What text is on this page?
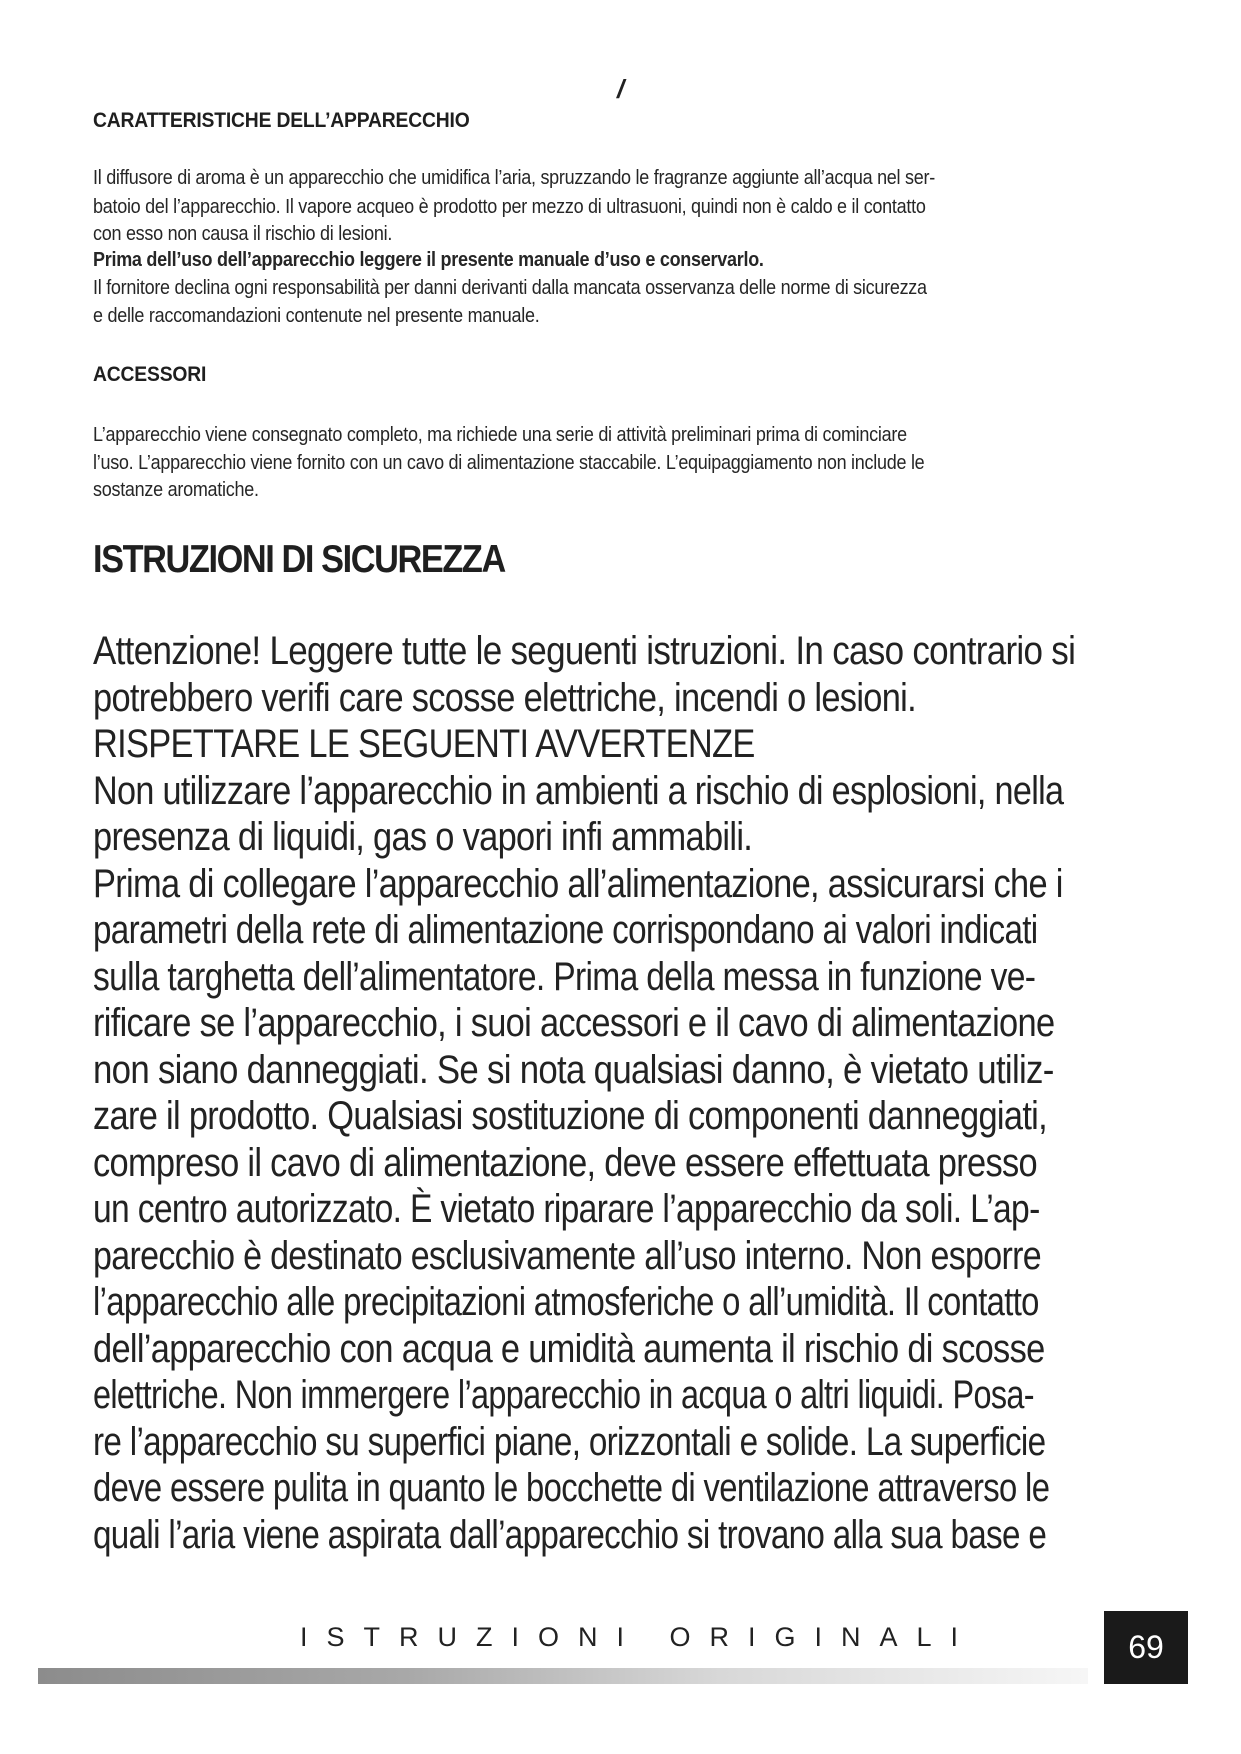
/
CARATTERISTICHE DELL’APPARECCHIO

Il diffusore di aroma è un apparecchio che umidifica l’aria, spruzzando le fragranze aggiunte all’acqua nel ser-

batoio del l’apparecchio. Il vapore acqueo è prodotto per mezzo di ultrasuoni, quindi non è caldo e il contatto

con esso non causa il rischio di lesioni.

Prima dell’uso dell’apparecchio leggere il presente manuale d’uso e conservarlo.

Il fornitore declina ogni responsabilità per danni derivanti dalla mancata osservanza delle norme di sicurezza

e delle raccomandazioni contenute nel presente manuale.

ACCESSORI

L’apparecchio viene consegnato completo, ma richiede una serie di attività preliminari prima di cominciare

l’uso. L’apparecchio viene fornito con un cavo di alimentazione staccabile. L’equipaggiamento non include le

sostanze aromatiche.

ISTRUZIONI DI SICUREZZA

Attenzione! Leggere tutte le seguenti istruzioni. In caso contrario si

potrebbero verifi care scosse elettriche, incendi o lesioni.

RISPETTARE LE SEGUENTI AVVERTENZE

Non utilizzare l’apparecchio in ambienti a rischio di esplosioni, nella

presenza di liquidi, gas o vapori infi ammabili.

Prima di collegare l’apparecchio all’alimentazione, assicurarsi che i

parametri della rete di alimentazione corrispondano ai valori indicati

sulla targhetta dell’alimentatore. Prima della messa in funzione ve-

rificare se l’apparecchio, i suoi accessori e il cavo di alimentazione

non siano danneggiati. Se si nota qualsiasi danno, è vietato utiliz-

zare il prodotto. Qualsiasi sostituzione di componenti danneggiati,

compreso il cavo di alimentazione, deve essere effettuata presso

un centro autorizzato. È vietato riparare l’apparecchio da soli. L’ap-

parecchio è destinato esclusivamente all’uso interno. Non esporre

l’apparecchio alle precipitazioni atmosferiche o all’umidità. Il contatto

dell’apparecchio con acqua e umidità aumenta il rischio di scosse

elettriche. Non immergere l’apparecchio in acqua o altri liquidi. Posa-

re l’apparecchio su superfici piane, orizzontali e solide. La superficie

deve essere pulita in quanto le bocchette di ventilazione attraverso le

quali l’aria viene aspirata dall’apparecchio si trovano alla sua base e

ISTRUZIONI ORIGINALI	69
